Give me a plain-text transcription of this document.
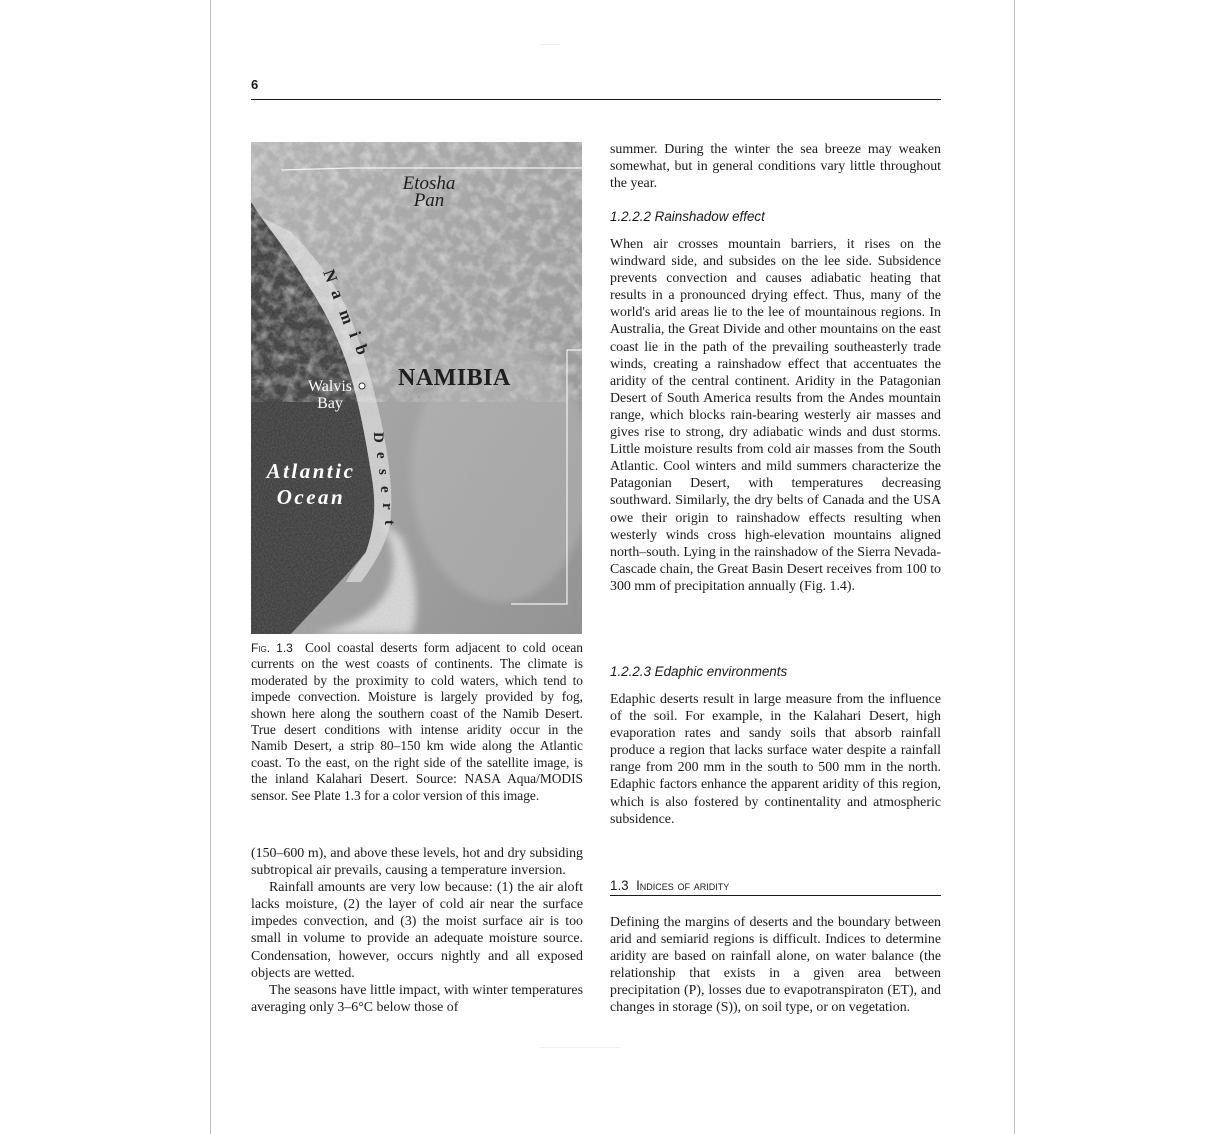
6
Etosha
Pan
N
a
m
i
b
NAMIBIA
D
e
s
e
r
t
Walvis
Bay
Atlantic
Ocean
Fig. 1.3 Cool coastal deserts form adjacent to cold ocean currents on the west coasts of continents. The climate is moderated by the proximity to cold waters, which tend to impede convection. Moisture is largely provided by fog, shown here along the southern coast of the Namib Desert. True desert conditions with intense aridity occur in the Namib Desert, a strip 80–150 km wide along the Atlantic coast. To the east, on the right side of the satellite image, is the inland Kalahari Desert. Source: NASA Aqua/MODIS sensor. See Plate 1.3 for a color version of this image.

(150–600 m), and above these levels, hot and dry subsiding subtropical air prevails, causing a temperature inversion.

Rainfall amounts are very low because: (1) the air aloft lacks moisture, (2) the layer of cold air near the surface impedes convection, and (3) the moist surface air is too small in volume to provide an adequate moisture source. Condensation, however, occurs nightly and all exposed objects are wetted.

The seasons have little impact, with winter temperatures averaging only 3–6°C below those of

summer. During the winter the sea breeze may weaken somewhat, but in general conditions vary little throughout the year.
1.2.2.2 Rainshadow effect
When air crosses mountain barriers, it rises on the windward side, and subsides on the lee side. Subsidence prevents convection and causes adiabatic heating that results in a pronounced drying effect. Thus, many of the world's arid areas lie to the lee of mountainous regions. In Australia, the Great Divide and other mountains on the east coast lie in the path of the prevailing southeasterly trade winds, creating a rainshadow effect that accentuates the aridity of the central continent. Aridity in the Patagonian Desert of South America results from the Andes mountain range, which blocks rain-bearing westerly air masses and gives rise to strong, dry adiabatic winds and dust storms. Little moisture results from cold air masses from the South Atlantic. Cool winters and mild summers characterize the Patagonian Desert, with temperatures decreasing southward. Similarly, the dry belts of Canada and the USA owe their origin to rainshadow effects resulting when westerly winds cross high-elevation mountains aligned north–south. Lying in the rainshadow of the Sierra Nevada-Cascade chain, the Great Basin Desert receives from 100 to 300 mm of precipitation annually (Fig. 1.4).
1.2.2.3 Edaphic environments
Edaphic deserts result in large measure from the influence of the soil. For example, in the Kalahari Desert, high evaporation rates and sandy soils that absorb rainfall produce a region that lacks surface water despite a rainfall range from 200 mm in the south to 500 mm in the north. Edaphic factors enhance the apparent aridity of this region, which is also fostered by continentality and atmospheric subsidence.
1.3 Indices of aridity
Defining the margins of deserts and the boundary between arid and semiarid regions is difficult. Indices to determine aridity are based on rainfall alone, on water balance (the relationship that exists in a given area between precipitation (P), losses due to evapotranspiraton (ET), and changes in storage (S)), on soil type, or on vegetation.
